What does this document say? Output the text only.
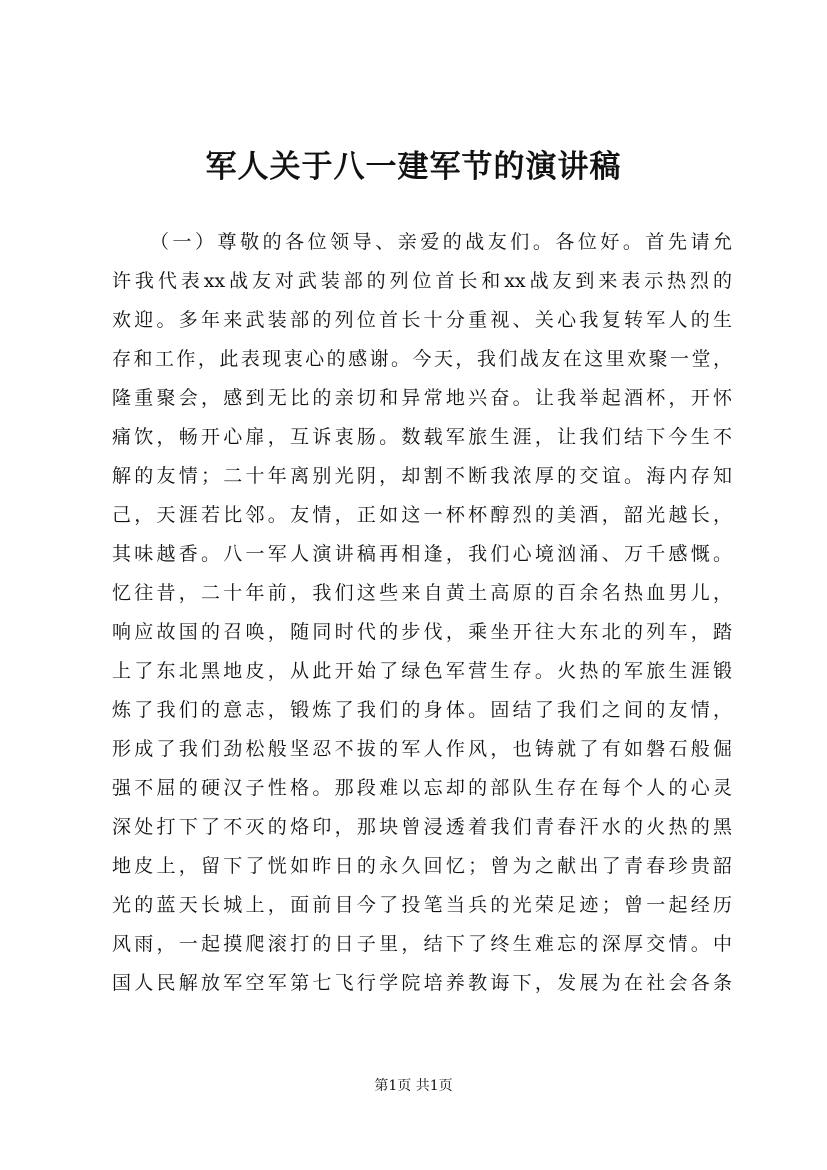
军人关于八一建军节的演讲稿
（一）尊敬的各位领导、亲爱的战友们。各位好。首先请允
许我代表xx战友对武装部的列位首长和xx战友到来表示热烈的
欢迎。多年来武装部的列位首长十分重视、关心我复转军人的生
存和工作，此表现衷心的感谢。今天，我们战友在这里欢聚一堂，
隆重聚会，感到无比的亲切和异常地兴奋。让我举起酒杯，开怀
痛饮，畅开心扉，互诉衷肠。数载军旅生涯，让我们结下今生不
解的友情；二十年离别光阴，却割不断我浓厚的交谊。海内存知
己，天涯若比邻。友情，正如这一杯杯醇烈的美酒，韶光越长，
其味越香。八一军人演讲稿再相逢，我们心境汹涌、万千感慨。
忆往昔，二十年前，我们这些来自黄土高原的百余名热血男儿，
响应故国的召唤，随同时代的步伐，乘坐开往大东北的列车，踏
上了东北黑地皮，从此开始了绿色军营生存。火热的军旅生涯锻
炼了我们的意志，锻炼了我们的身体。固结了我们之间的友情，
形成了我们劲松般坚忍不拔的军人作风，也铸就了有如磐石般倔
强不屈的硬汉子性格。那段难以忘却的部队生存在每个人的心灵
深处打下了不灭的烙印，那块曾浸透着我们青春汗水的火热的黑
地皮上，留下了恍如昨日的永久回忆；曾为之献出了青春珍贵韶
光的蓝天长城上，面前目今了投笔当兵的光荣足迹；曾一起经历
风雨，一起摸爬滚打的日子里，结下了终生难忘的深厚交情。中
国人民解放军空军第七飞行学院培养教诲下，发展为在社会各条
第1页 共1页
